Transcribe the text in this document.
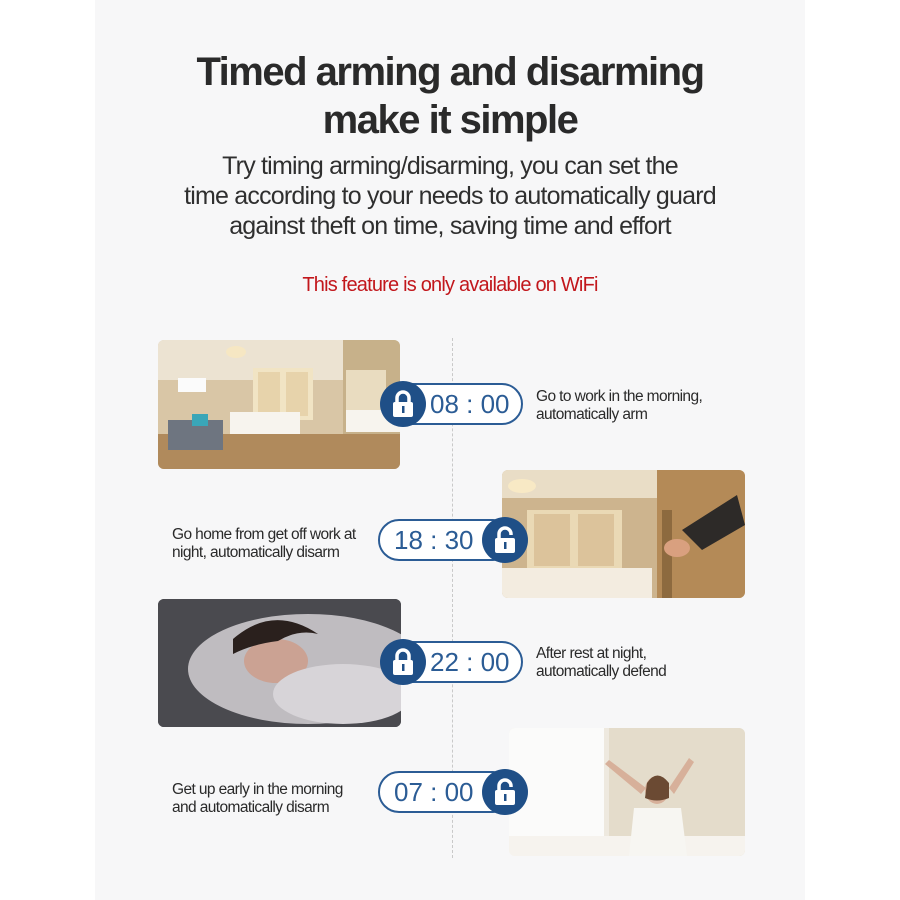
Timed arming and disarming
make it simple
Try timing arming/disarming, you can set the
time according to your needs to automatically guard
against theft on time, saving time and effort
This feature is only available on WiFi
08 : 00 Go to work in the morning,
automatically arm
18 : 30
Go home from get off work at
night, automatically disarm
22 : 00 After rest at night,
automatically defend
07 : 00
Get up early in the morning
and automatically disarm
